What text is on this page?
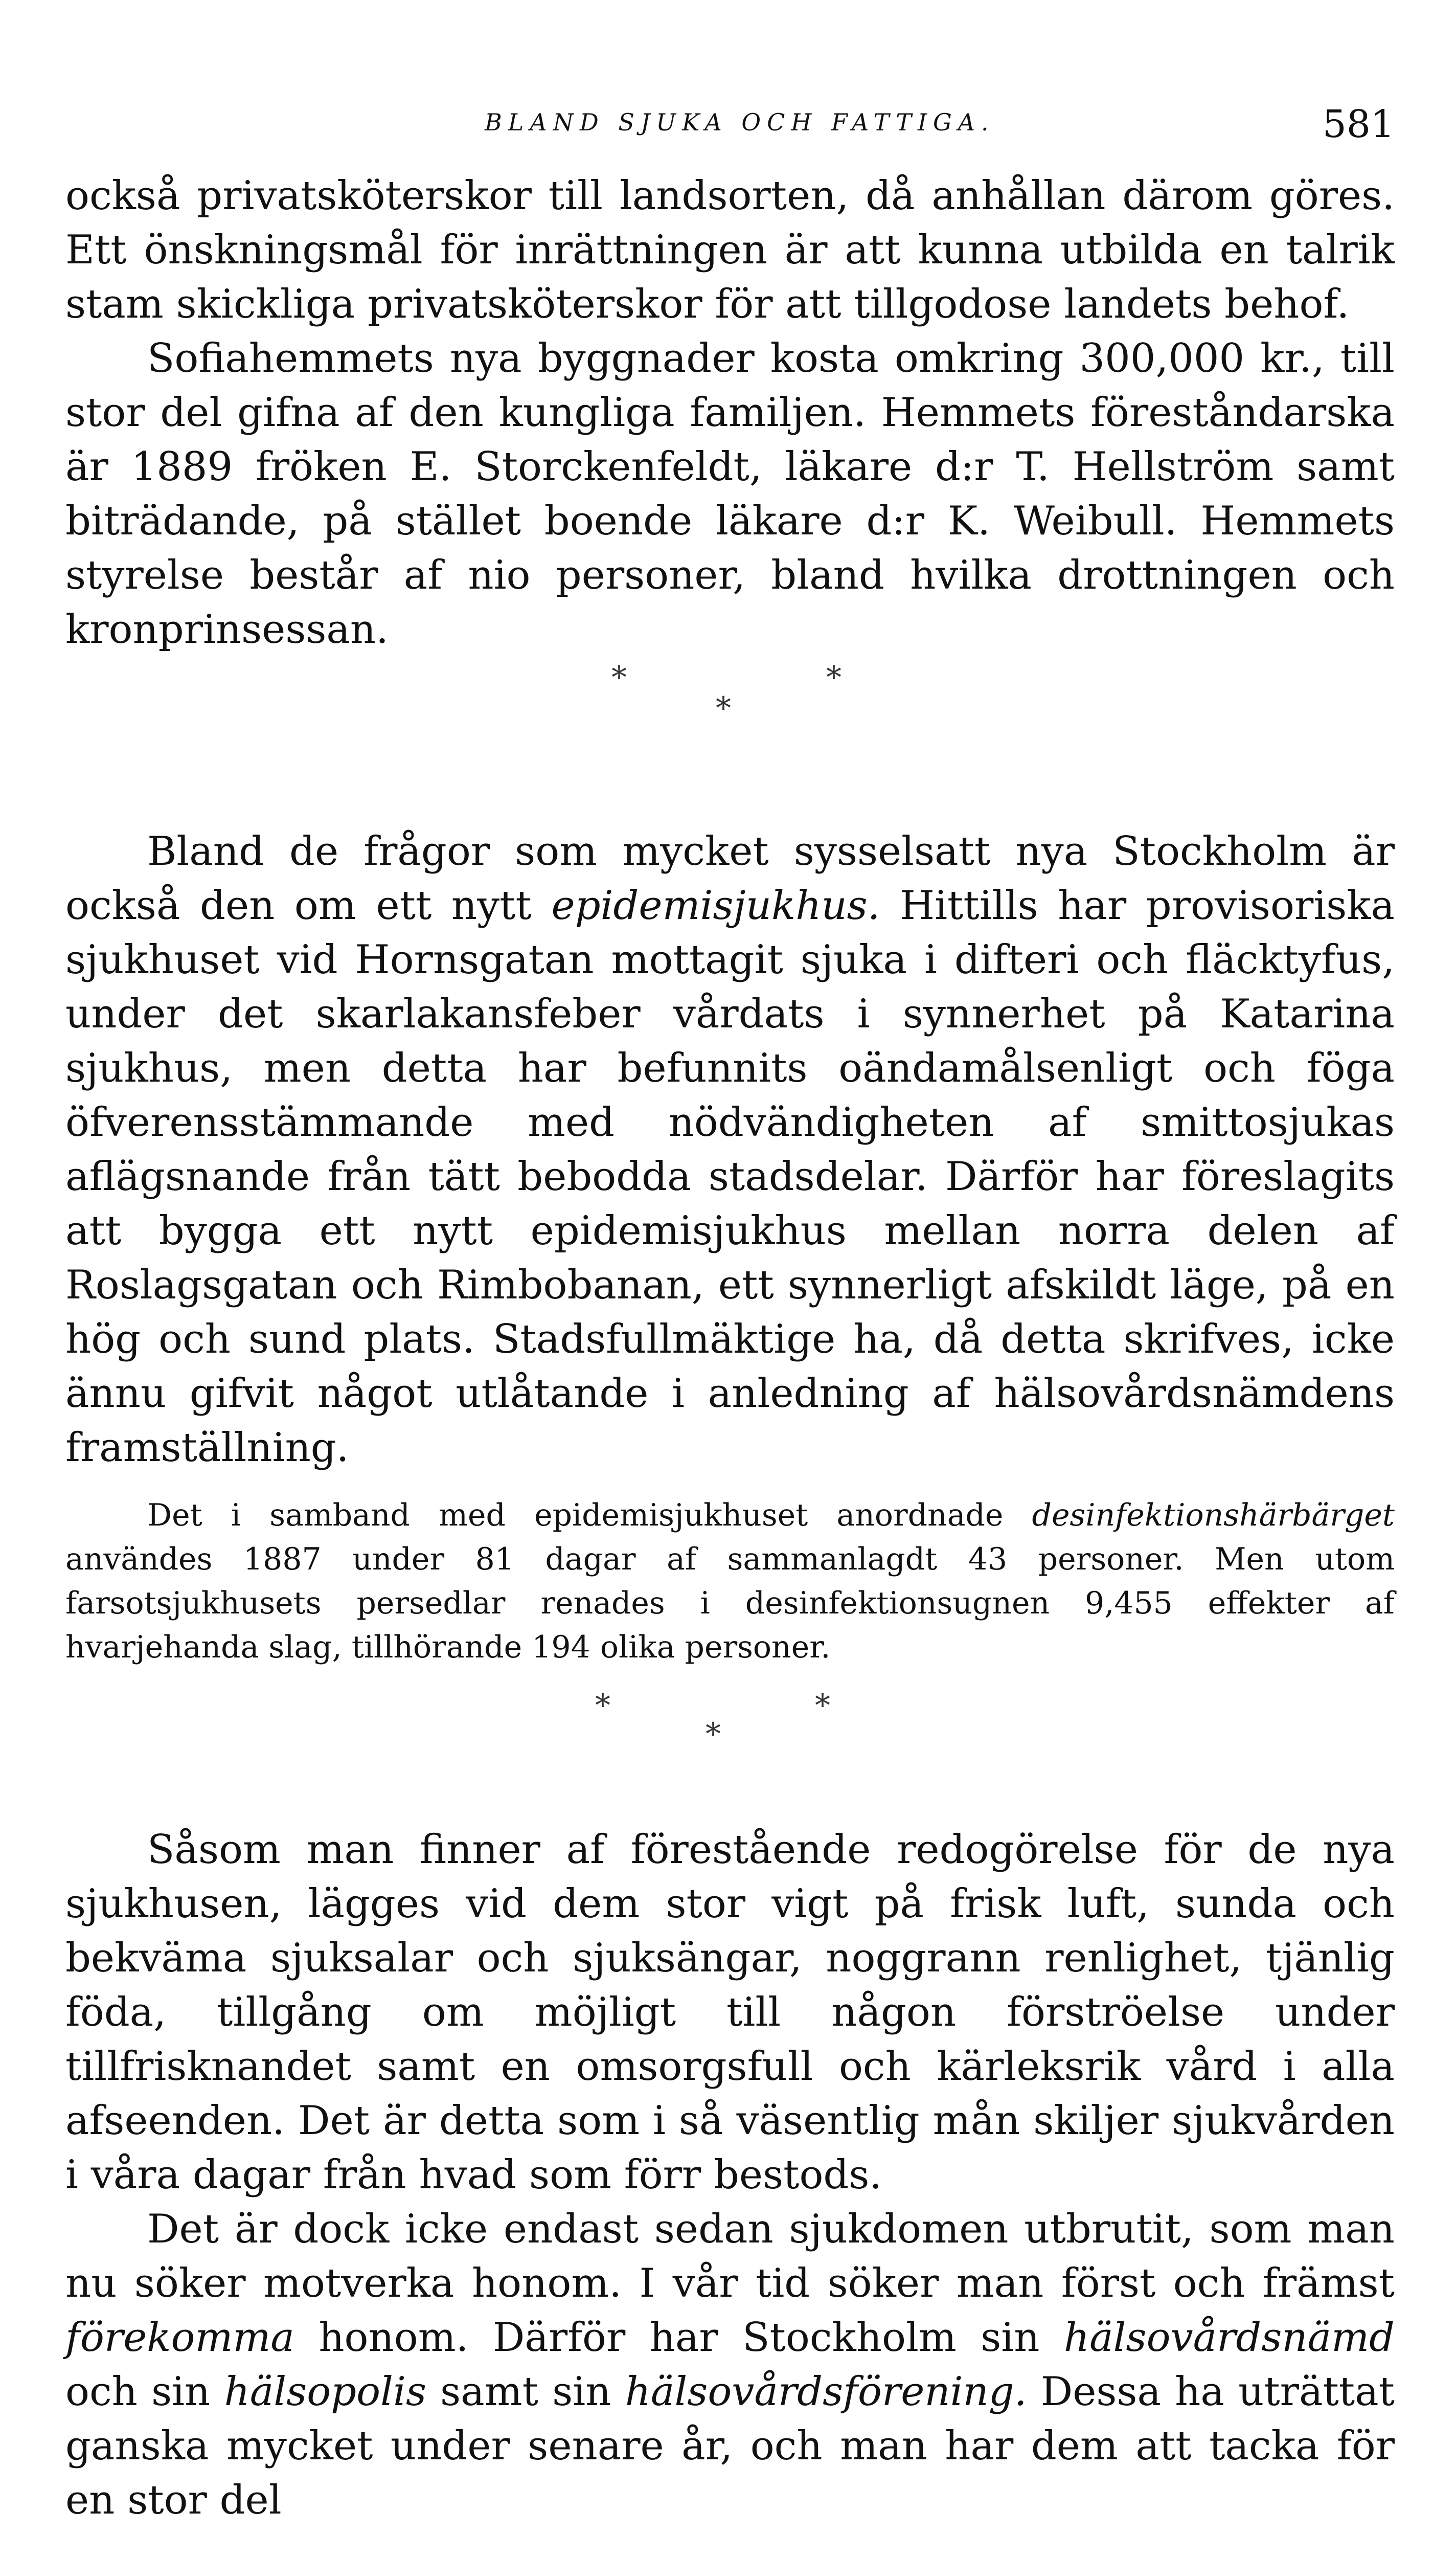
BLAND SJUKA OCH FATTIGA.	581

också privatsköterskor till landsorten, då anhållan därom göres. Ett önskningsmål för inrättningen är att kunna utbilda en talrik stam skickliga privatsköterskor för att tillgodose landets behof.

Sofiahemmets nya byggnader kosta omkring 300,000 kr., till stor del gifna af den kungliga familjen. Hemmets föreståndarska är 1889 fröken E. Storckenfeldt, läkare d:r T. Hellström samt biträdande, på stället boende läkare d:r K. Weibull. Hemmets styrelse består af nio personer, bland hvilka drottningen och kronprinsessan.

*
*
*

Bland de frågor som mycket sysselsatt nya Stockholm är också den om ett nytt epidemisjukhus. Hittills har provisoriska sjukhuset vid Hornsgatan mottagit sjuka i difteri och fläcktyfus, under det skarlakansfeber vårdats i synnerhet på Katarina sjukhus, men detta har befunnits oändamålsenligt och föga öfverensstämmande med nödvändigheten af smittosjukas aflägsnande från tätt bebodda stadsdelar. Därför har föreslagits att bygga ett nytt epidemisjukhus mellan norra delen af Roslagsgatan och Rimbobanan, ett synnerligt afskildt läge, på en hög och sund plats. Stadsfullmäktige ha, då detta skrifves, icke ännu gifvit något utlåtande i anledning af hälsovårdsnämdens framställning.

Det i samband med epidemisjukhuset anordnade desinfektionshärbärget användes 1887 under 81 dagar af sammanlagdt 43 personer. Men utom farsotsjukhusets persedlar renades i desinfektionsugnen 9,455 effekter af hvarjehanda slag, tillhörande 194 olika personer.

*
*
*

Såsom man finner af förestående redogörelse för de nya sjukhusen, lägges vid dem stor vigt på frisk luft, sunda och bekväma sjuksalar och sjuksängar, noggrann renlighet, tjänlig föda, tillgång om möjligt till någon förströelse under tillfrisknandet samt en omsorgsfull och kärleksrik vård i alla afseenden. Det är detta som i så väsentlig mån skiljer sjukvården i våra dagar från hvad som förr bestods.

Det är dock icke endast sedan sjukdomen utbrutit, som man nu söker motverka honom. I vår tid söker man först och främst förekomma honom. Därför har Stockholm sin hälsovårdsnämd och sin hälsopolis samt sin hälsovårdsförening. Dessa ha uträttat ganska mycket under senare år, och man har dem att tacka för en stor del
